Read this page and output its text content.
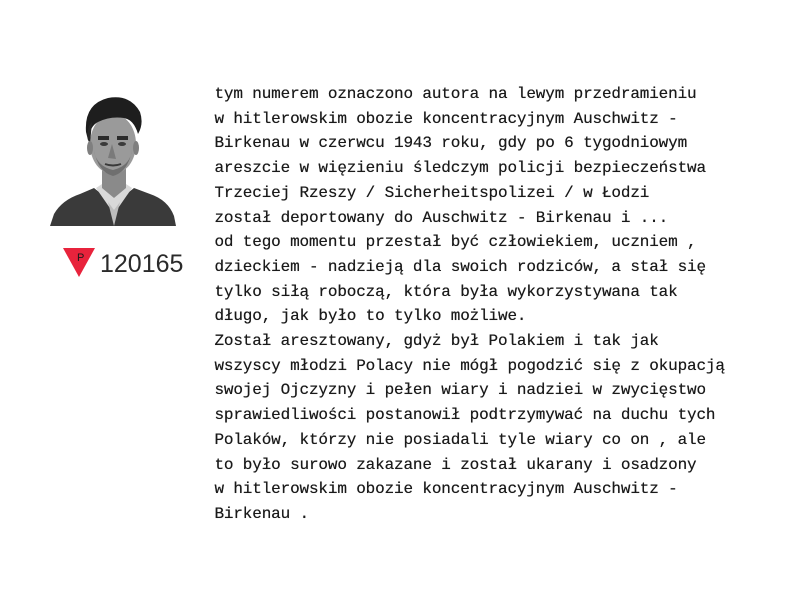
P 120165
tym numerem oznaczono autora na lewym przedramieniu
w hitlerowskim obozie koncentracyjnym Auschwitz -
Birkenau w czerwcu 1943 roku, gdy po 6 tygodniowym
areszcie w więzieniu śledczym policji bezpieczeństwa
Trzeciej Rzeszy / Sicherheitspolizei / w Łodzi
został deportowany do Auschwitz - Birkenau i ...
od tego momentu przestał być człowiekiem, uczniem ,
dzieckiem - nadzieją dla swoich rodziców, a stał się
tylko siłą roboczą, która była wykorzystywana tak
długo, jak było to tylko możliwe.
Został aresztowany, gdyż był Polakiem i tak jak
wszyscy młodzi Polacy nie mógł pogodzić się z okupacją
swojej Ojczyzny i pełen wiary i nadziei w zwycięstwo
sprawiedliwości postanowił podtrzymywać na duchu tych
Polaków, którzy nie posiadali tyle wiary co on , ale
to było surowo zakazane i został ukarany i osadzony
w hitlerowskim obozie koncentracyjnym Auschwitz -
Birkenau .
